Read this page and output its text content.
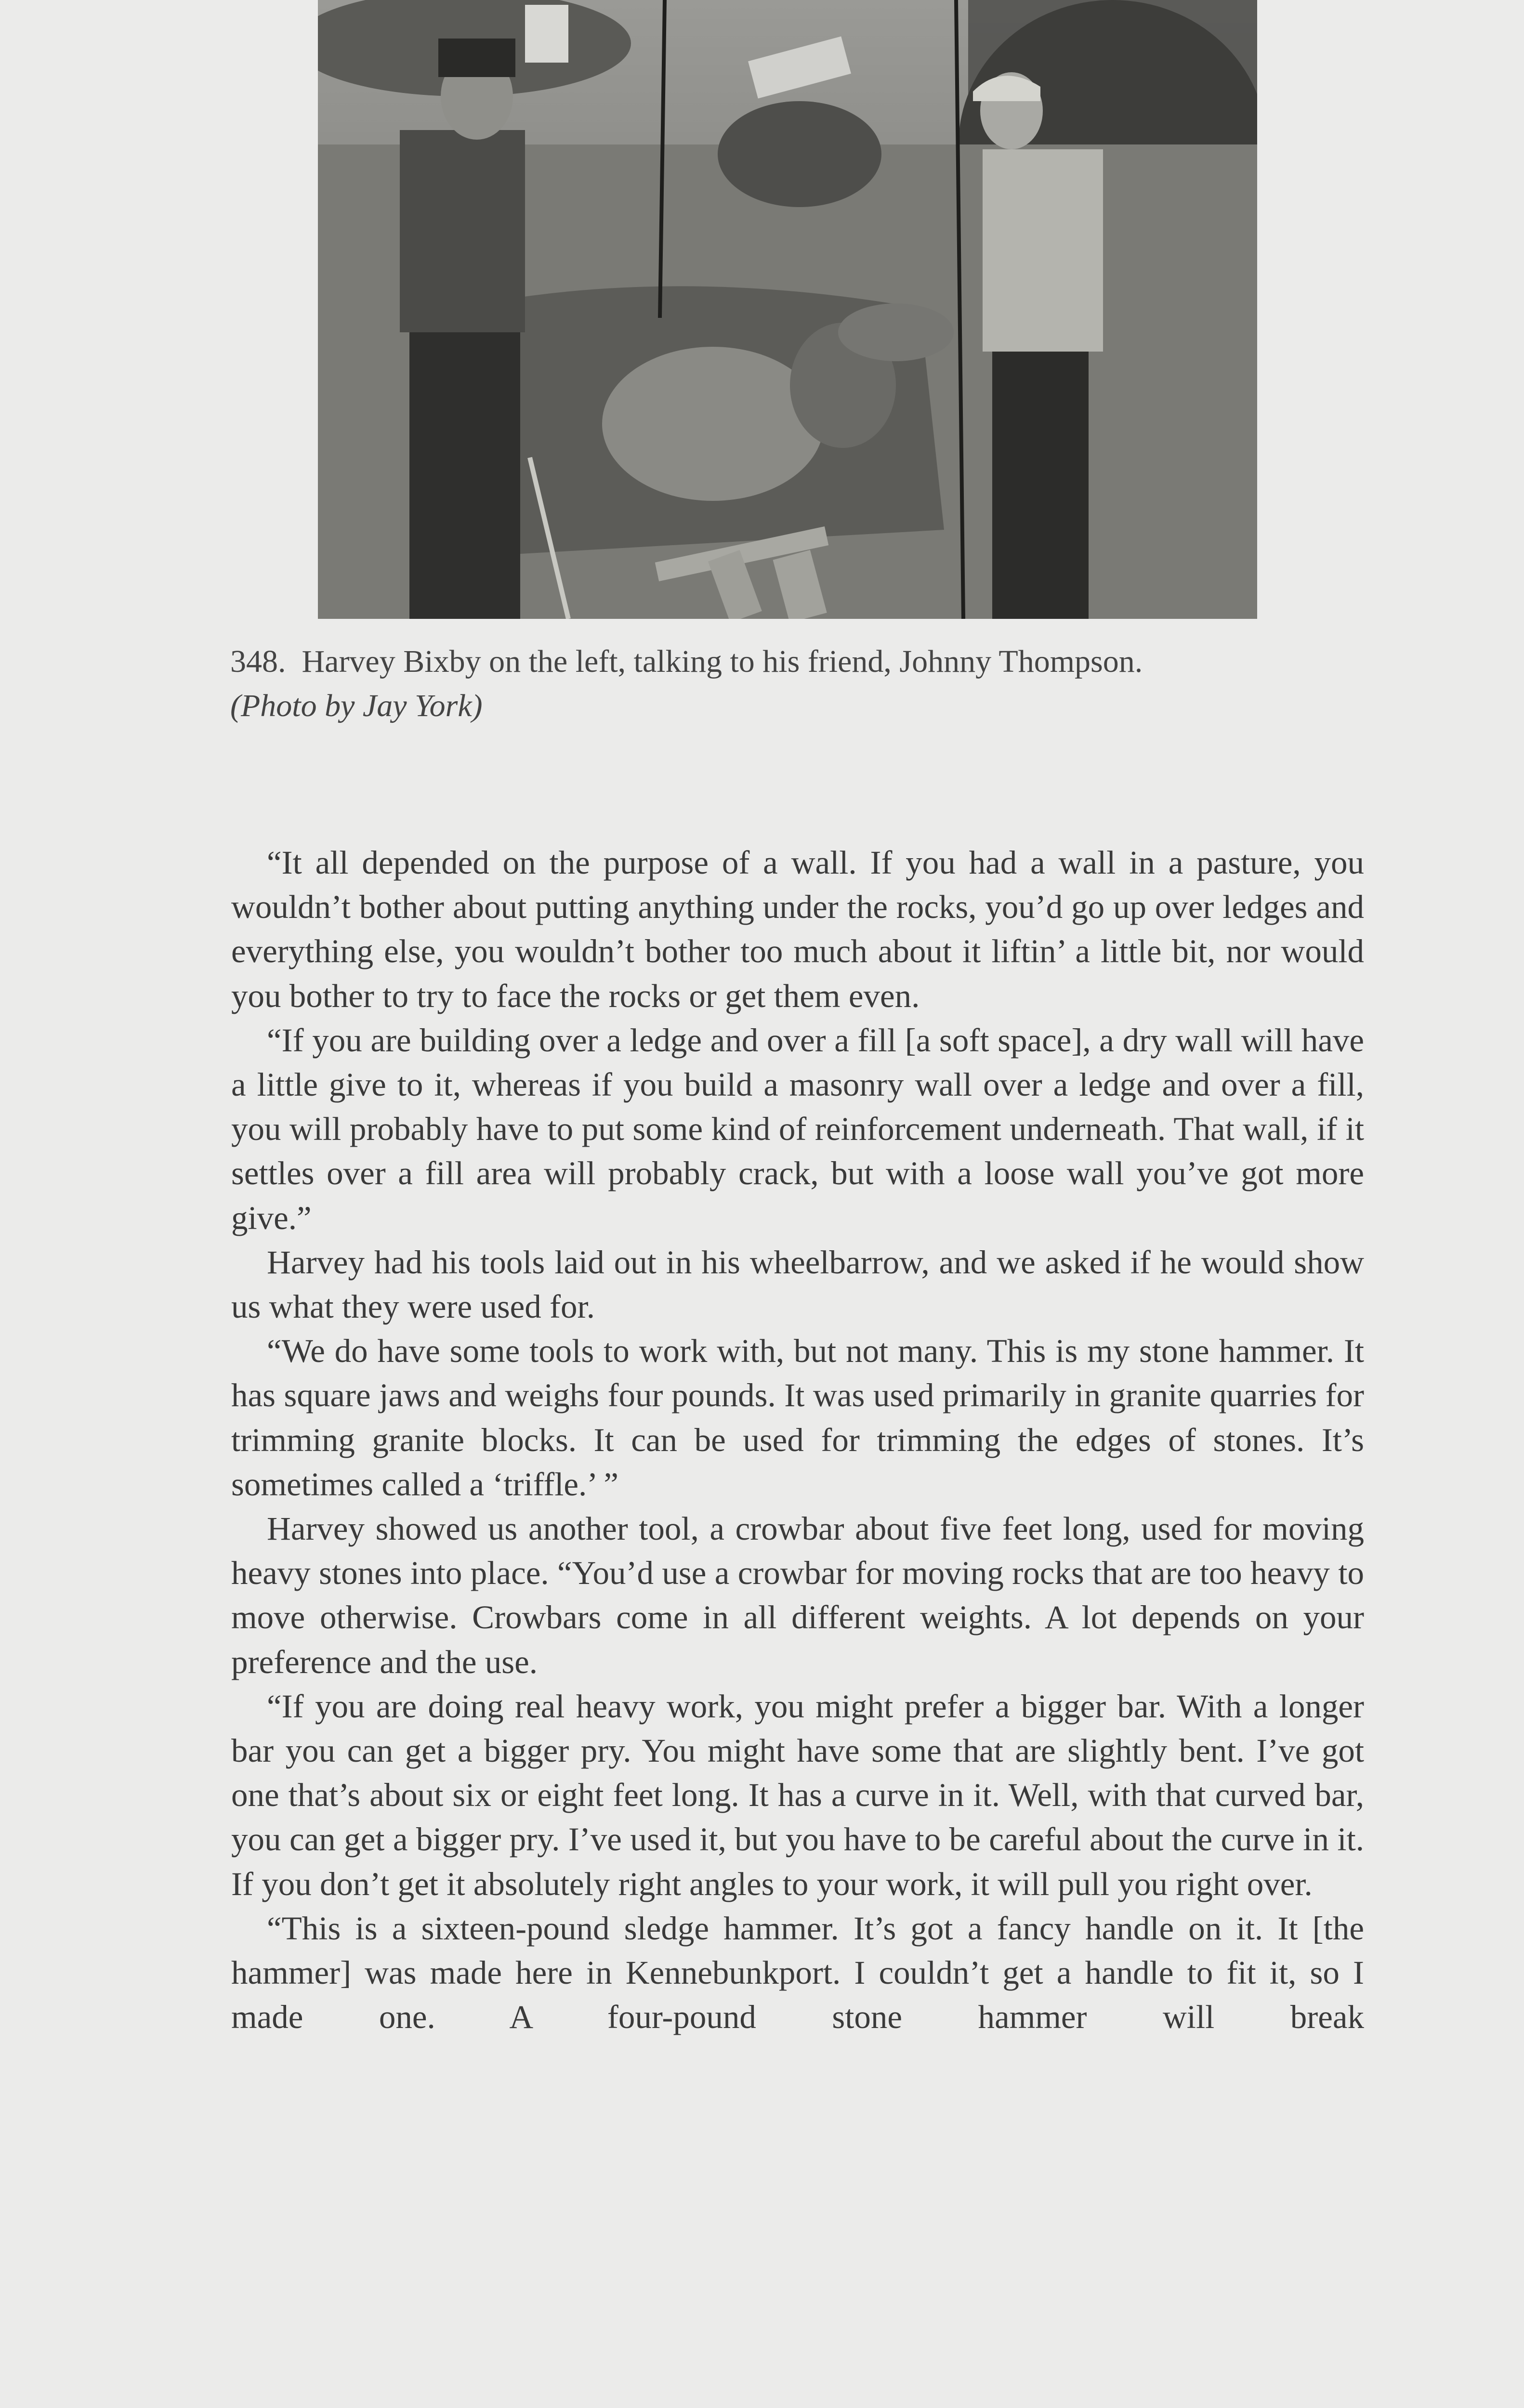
348. Harvey Bixby on the left, talking to his friend, Johnny Thompson.
(Photo by Jay York)

“It all depended on the purpose of a wall. If you had a wall in a pasture, you wouldn’t bother about putting anything under the rocks, you’d go up over ledges and everything else, you wouldn’t bother too much about it liftin’ a little bit, nor would you bother to try to face the rocks or get them even.

“If you are building over a ledge and over a fill [a soft space], a dry wall will have a little give to it, whereas if you build a masonry wall over a ledge and over a fill, you will probably have to put some kind of reinforcement underneath. That wall, if it settles over a fill area will probably crack, but with a loose wall you’ve got more give.”

Harvey had his tools laid out in his wheelbarrow, and we asked if he would show us what they were used for.

“We do have some tools to work with, but not many. This is my stone hammer. It has square jaws and weighs four pounds. It was used primarily in granite quarries for trimming granite blocks. It can be used for trimming the edges of stones. It’s sometimes called a ‘triffle.’ ”

Harvey showed us another tool, a crowbar about five feet long, used for moving heavy stones into place. “You’d use a crowbar for moving rocks that are too heavy to move otherwise. Crowbars come in all different weights. A lot depends on your preference and the use.

“If you are doing real heavy work, you might prefer a bigger bar. With a longer bar you can get a bigger pry. You might have some that are slightly bent. I’ve got one that’s about six or eight feet long. It has a curve in it. Well, with that curved bar, you can get a bigger pry. I’ve used it, but you have to be careful about the curve in it. If you don’t get it absolutely right angles to your work, it will pull you right over.

“This is a sixteen-pound sledge hammer. It’s got a fancy handle on it. It [the hammer] was made here in Kennebunkport. I couldn’t get a handle to fit it, so I made one. A four-pound stone hammer will break
